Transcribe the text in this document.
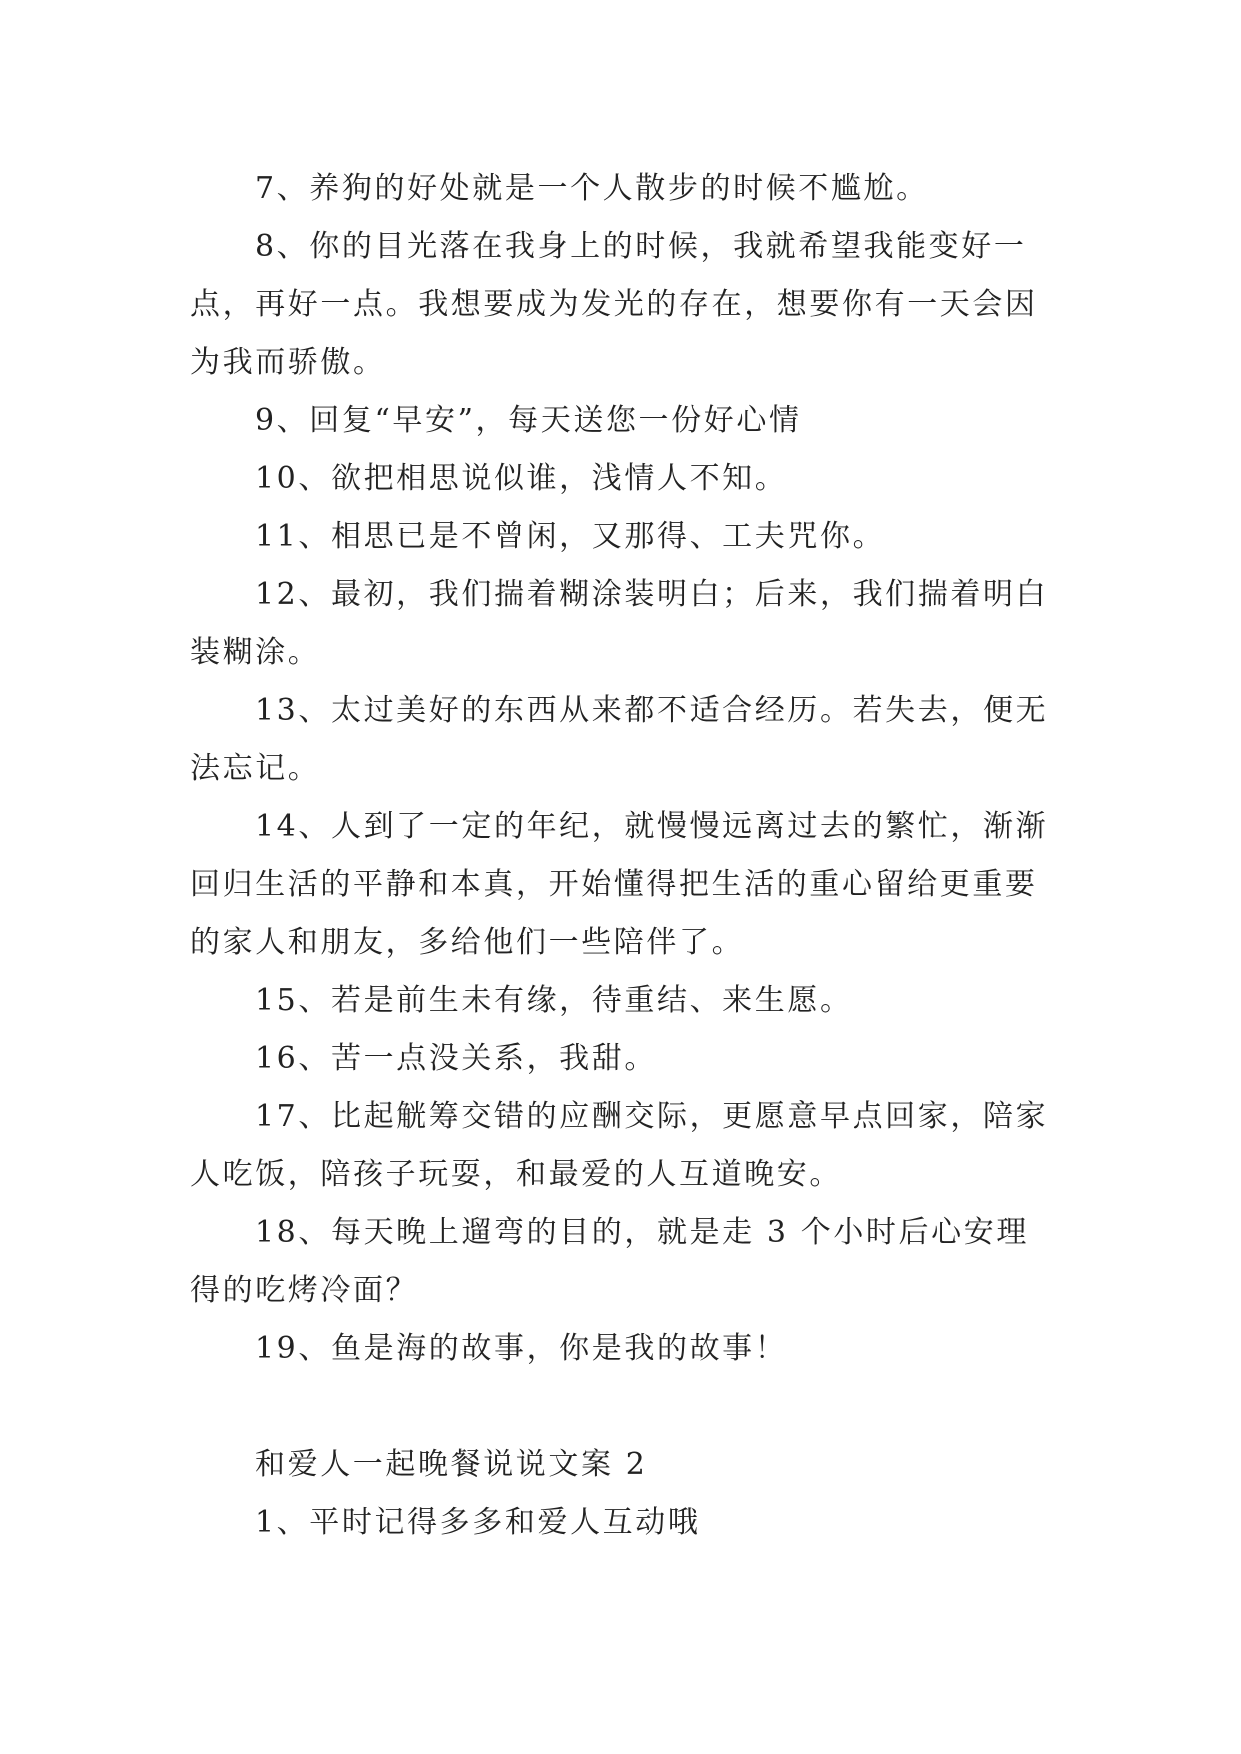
7、养狗的好处就是一个人散步的时候不尴尬。

8、你的目光落在我身上的时候，我就希望我能变好一点，再好一点。我想要成为发光的存在，想要你有一天会因为我而骄傲。

9、回复“早安”，每天送您一份好心情

10、欲把相思说似谁，浅情人不知。

11、相思已是不曾闲，又那得、工夫咒你。

12、最初，我们揣着糊涂装明白；后来，我们揣着明白装糊涂。

13、太过美好的东西从来都不适合经历。若失去，便无法忘记。

14、人到了一定的年纪，就慢慢远离过去的繁忙，渐渐回归生活的平静和本真，开始懂得把生活的重心留给更重要的家人和朋友，多给他们一些陪伴了。

15、若是前生未有缘，待重结、来生愿。

16、苦一点没关系，我甜。

17、比起觥筹交错的应酬交际，更愿意早点回家，陪家人吃饭，陪孩子玩耍，和最爱的人互道晚安。

18、每天晚上遛弯的目的，就是走 3 个小时后心安理得的吃烤冷面？

19、鱼是海的故事，你是我的故事！

和爱人一起晚餐说说文案 2

1、平时记得多多和爱人互动哦
